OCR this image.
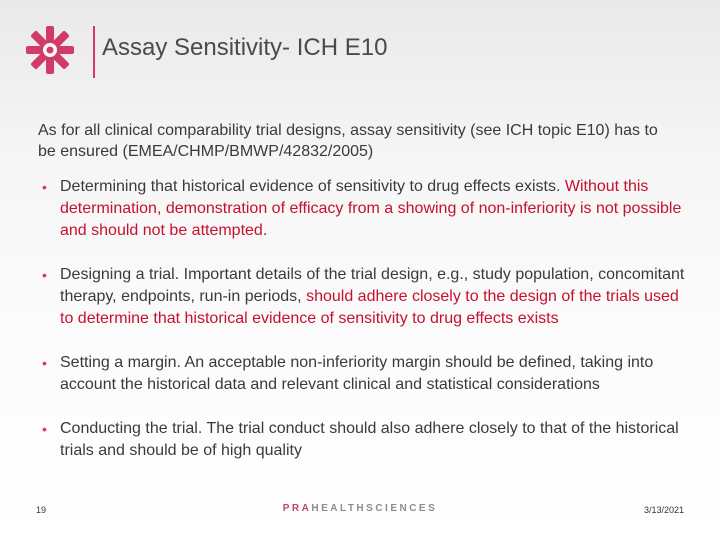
Assay Sensitivity- ICH E10
As for all clinical comparability trial designs, assay sensitivity (see ICH topic E10) has to be ensured (EMEA/CHMP/BMWP/42832/2005)
• Determining that historical evidence of sensitivity to drug effects exists. Without this determination, demonstration of efficacy from a showing of non-inferiority is not possible and should not be attempted.
• Designing a trial. Important details of the trial design, e.g., study population, concomitant therapy, endpoints, run-in periods, should adhere closely to the design of the trials used to determine that historical evidence of sensitivity to drug effects exists
• Setting a margin. An acceptable non-inferiority margin should be defined, taking into account the historical data and relevant clinical and statistical considerations
• Conducting the trial. The trial conduct should also adhere closely to that of the historical trials and should be of high quality
19	PRAHEALTHSCIENCES	3/13/2021
